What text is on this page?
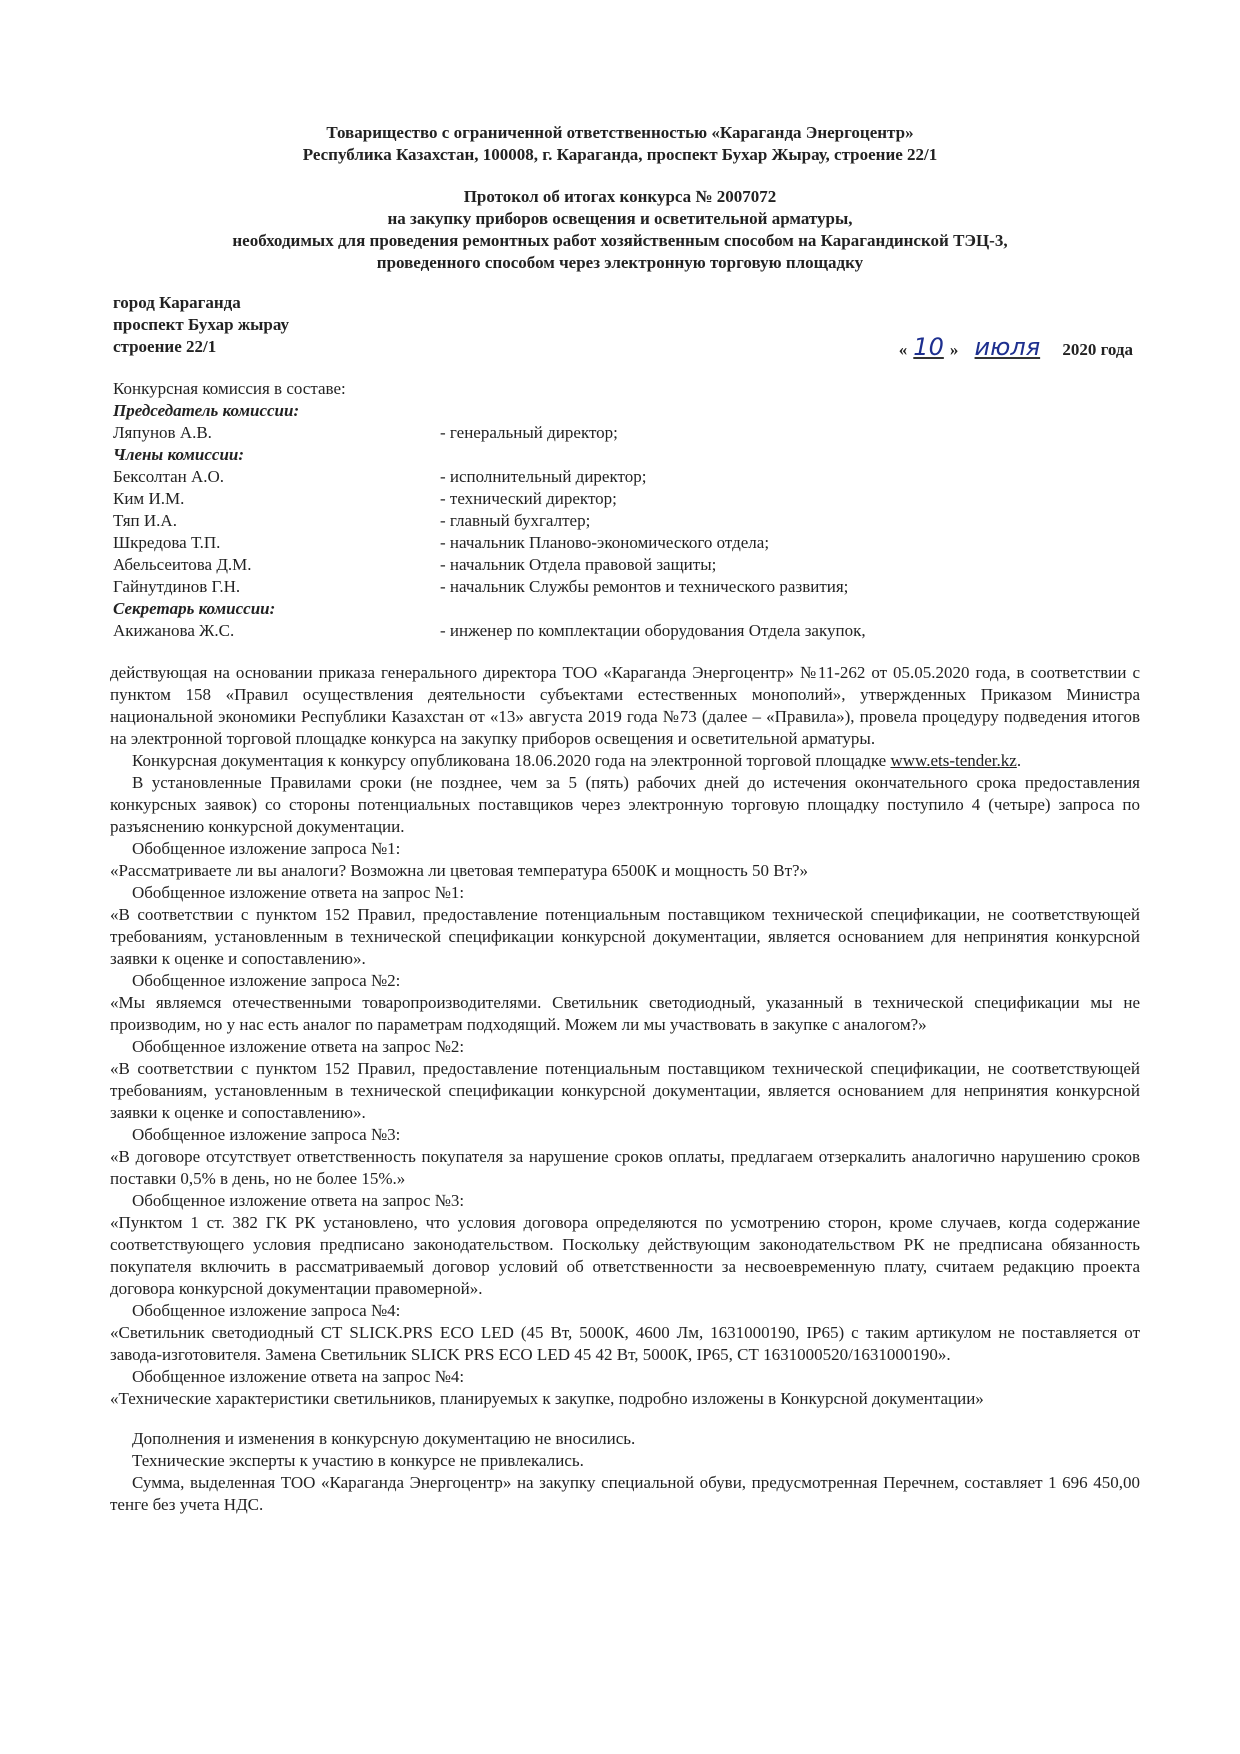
Товарищество с ограниченной ответственностью «Караганда Энергоцентр»
Республика Казахстан, 100008, г. Караганда, проспект Бухар Жырау, строение 22/1
Протокол об итогах конкурса № 2007072
на закупку приборов освещения и осветительной арматуры,
необходимых для проведения ремонтных работ хозяйственным способом на Карагандинской ТЭЦ-3,
проведенного способом через электронную торговую площадку
город Караганда
проспект Бухар жырау
строение 22/1	« 10 » июля	2020 года
Конкурсная комиссия в составе:
Председатель комиссии:
Ляпунов А.В.	- генеральный директор;
Члены комиссии:
Бексолтан А.О.	- исполнительный директор;
Ким И.М.	- технический директор;
Тяп И.А.	- главный бухгалтер;
Шкредова Т.П.	- начальник Планово-экономического отдела;
Абельсеитова Д.М.	- начальник Отдела правовой защиты;
Гайнутдинов Г.Н.	- начальник Службы ремонтов и технического развития;
Секретарь комиссии:
Акижанова Ж.С.	- инженер по комплектации оборудования Отдела закупок,

действующая на основании приказа генерального директора ТОО «Караганда Энергоцентр» №11-262 от 05.05.2020 года, в соответствии с пунктом 158 «Правил осуществления деятельности субъектами естественных монополий», утвержденных Приказом Министра национальной экономики Республики Казахстан от «13» августа 2019 года №73 (далее – «Правила»), провела процедуру подведения итогов на электронной торговой площадке конкурса на закупку приборов освещения и осветительной арматуры.

Конкурсная документация к конкурсу опубликована 18.06.2020 года на электронной торговой площадке www.ets-tender.kz.

В установленные Правилами сроки (не позднее, чем за 5 (пять) рабочих дней до истечения окончательного срока предоставления конкурсных заявок) со стороны потенциальных поставщиков через электронную торговую площадку поступило 4 (четыре) запроса по разъяснению конкурсной документации.

Обобщенное изложение запроса №1:

«Рассматриваете ли вы аналоги? Возможна ли цветовая температура 6500К и мощность 50 Вт?»

Обобщенное изложение ответа на запрос №1:

«В соответствии с пунктом 152 Правил, предоставление потенциальным поставщиком технической спецификации, не соответствующей требованиям, установленным в технической спецификации конкурсной документации, является основанием для непринятия конкурсной заявки к оценке и сопоставлению».

Обобщенное изложение запроса №2:

«Мы являемся отечественными товаропроизводителями. Светильник светодиодный, указанный в технической спецификации мы не производим, но у нас есть аналог по параметрам подходящий. Можем ли мы участвовать в закупке с аналогом?»

Обобщенное изложение ответа на запрос №2:

«В соответствии с пунктом 152 Правил, предоставление потенциальным поставщиком технической спецификации, не соответствующей требованиям, установленным в технической спецификации конкурсной документации, является основанием для непринятия конкурсной заявки к оценке и сопоставлению».

Обобщенное изложение запроса №3:

«В договоре отсутствует ответственность покупателя за нарушение сроков оплаты, предлагаем отзеркалить аналогично нарушению сроков поставки 0,5% в день, но не более 15%.»

Обобщенное изложение ответа на запрос №3:

«Пунктом 1 ст. 382 ГК РК установлено, что условия договора определяются по усмотрению сторон, кроме случаев, когда содержание соответствующего условия предписано законодательством. Поскольку действующим законодательством РК не предписана обязанность покупателя включить в рассматриваемый договор условий об ответственности за несвоевременную плату, считаем редакцию проекта договора конкурсной документации правомерной».

Обобщенное изложение запроса №4:

«Светильник светодиодный СТ SLICK.PRS ECO LED (45 Вт, 5000К, 4600 Лм, 1631000190, IP65) с таким артикулом не поставляется от завода-изготовителя. Замена Светильник SLICK PRS ECO LED 45 42 Вт, 5000К, IP65, СТ 1631000520/1631000190».

Обобщенное изложение ответа на запрос №4:

«Технические характеристики светильников, планируемых к закупке, подробно изложены в Конкурсной документации»

Дополнения и изменения в конкурсную документацию не вносились.

Технические эксперты к участию в конкурсе не привлекались.

Сумма, выделенная ТОО «Караганда Энергоцентр» на закупку специальной обуви, предусмотренная Перечнем, составляет 1 696 450,00 тенге без учета НДС.
